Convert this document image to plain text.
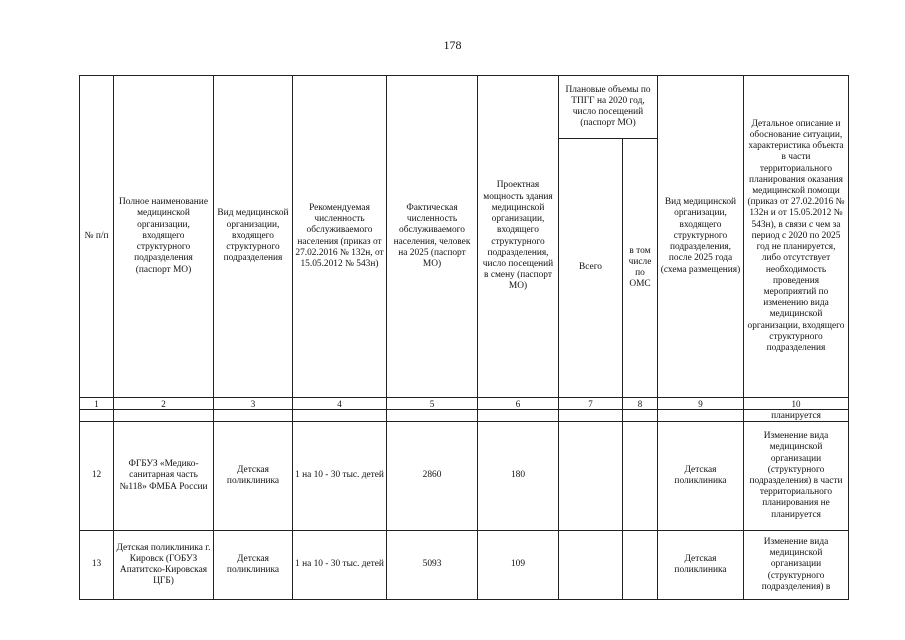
178
№ п/п	Полное наименование медицинской организации, входящего структурного подразделения (паспорт МО)	Вид медицинской организации, входящего структурного подразделения	Рекомендуемая численность обслуживаемого населения (приказ от 27.02.2016 № 132н, от 15.05.2012 № 543н)	Фактическая численность обслуживаемого населения, человек на 2025 (паспорт МО)	Проектная мощность здания медицинской организации, входящего структурного подразделения, число посещений в смену (паспорт МО)	Плановые объемы по ТПГГ на 2020 год, число посещений (паспорт МО)		Вид медицинской организации, входящего структурного подразделения, после 2025 года (схема размещения)	Детальное описание и обоснование ситуации, характеристика объекта в части территориального планирования оказания медицинской помощи (приказ от 27.02.2016 № 132н и от 15.05.2012 № 543н), в связи с чем за период с 2020 по 2025 год не планируется, либо отсутствует необходимость проведения мероприятий по изменению вида медицинской организации, входящего структурного подразделения
						Всего	в том числе по ОМС		
1	2	3	4	5	6	7	8	9	10
									планируется
12	ФГБУЗ «Медико-санитарная часть №118» ФМБА России	Детская поликлиника	1 на 10 - 30 тыс. детей	2860	180			Детская поликлиника	Изменение вида медицинской организации (структурного подразделения) в части территориального планирования не планируется
13	Детская поликлиника г. Кировск (ГОБУЗ Апатитско-Кировская ЦГБ)	Детская поликлиника	1 на 10 - 30 тыс. детей	5093	109			Детская поликлиника	Изменение вида медицинской организации (структурного подразделения) в
